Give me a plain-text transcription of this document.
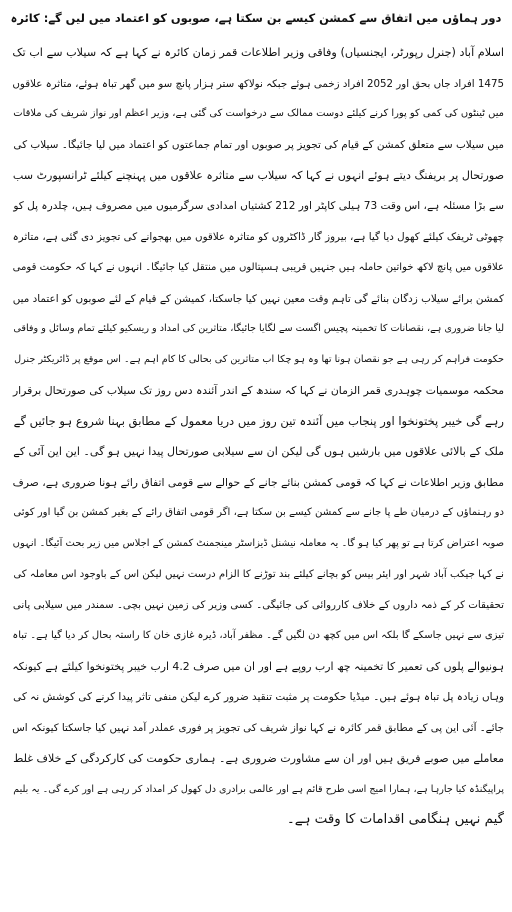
دور ہماؤں میں اتفاق سے کمشن کیسے بن سکتا ہے، صوبوں کو اعتماد میں لیں گے: کائرہ
اسلام آباد (جنرل رپورٹر، ایجنسیاں) وفاقی وزیر اطلاعات قمر زمان کائرہ نے کہا ہے کہ سیلاب سے اب تک
1475 افراد جاں بحق اور 2052 افراد زخمی ہوئے جبکہ نولاکھ ستر ہزار پانچ سو میں گھر تباہ ہوئے، متاثرہ علاقوں
میں ٹینٹوں کی کمی کو پورا کرنے کیلئے دوست ممالک سے درخواست کی گئی ہے، وزیر اعظم اور نواز شریف کی ملاقات
میں سیلاب سے متعلق کمشن کے قیام کی تجویز پر صوبوں اور تمام جماعتوں کو اعتماد میں لیا جائیگا۔ سیلاب کی
صورتحال پر بریفنگ دیتے ہوئے انہوں نے کہا کہ سیلاب سے متاثرہ علاقوں میں پہنچنے کیلئے ٹرانسپورٹ سب
سے بڑا مسئلہ ہے، اس وقت 73 ہیلی کاپٹر اور 212 کشتیاں امدادی سرگرمیوں میں مصروف ہیں، چلدرہ پل کو
چھوٹی ٹریفک کیلئے کھول دیا گیا ہے، بیروز گار ڈاکٹروں کو متاثرہ علاقوں میں بھجوانے کی تجویز دی گئی ہے، متاثرہ
علاقوں میں پانچ لاکھ خواتین حاملہ ہیں جنہیں قریبی ہسپتالوں میں منتقل کیا جائیگا۔ انہوں نے کہا کہ حکومت قومی
کمشن برائے سیلاب زدگان بنائے گی تاہم وقت معین نہیں کیا جاسکتا، کمیشن کے قیام کے لئے صوبوں کو اعتماد میں
لیا جانا ضروری ہے، نقصانات کا تخمینہ پچیس اگست سے لگایا جائیگا، متاثرین کی امداد و ریسکیو کیلئے تمام وسائل و وفاقی
حکومت فراہم کر رہی ہے جو نقصان ہونا تھا وہ ہو چکا اب متاثرین کی بحالی کا کام اہم ہے۔ اس موقع پر ڈائریکٹر جنرل
محکمہ موسمیات چوہدری قمر الزمان نے کہا کہ سندھ کے اندر آئندہ دس روز تک سیلاب کی صورتحال برقرار
رہے گی خیبر پختونخوا اور پنجاب میں آئندہ تین روز میں دریا معمول کے مطابق بہنا شروع ہو جائیں گے
ملک کے بالائی علاقوں میں بارشیں ہوں گی لیکن ان سے سیلابی صورتحال پیدا نہیں ہو گی۔ این این آئی کے
مطابق وزیر اطلاعات نے کہا کہ قومی کمشن بنائے جانے کے حوالے سے قومی اتفاق رائے ہونا ضروری ہے، صرف
دو رہنماؤں کے درمیان طے پا جانے سے کمشن کیسے بن سکتا ہے، اگر قومی اتفاق رائے کے بغیر کمشن بن گیا اور کوئی
صوبہ اعتراض کرتا ہے تو پھر کیا ہو گا۔ یہ معاملہ نیشنل ڈیزاسٹر مینجمنٹ کمشن کے اجلاس میں زیر بحث آئیگا۔ انہوں
نے کہا جیکب آباد شہر اور ایئر بیس کو بچانے کیلئے بند توڑنے کا الزام درست نہیں لیکن اس کے باوجود اس معاملہ کی
تحقیقات کر کے ذمہ داروں کے خلاف کارروائی کی جائیگی۔ کسی وزیر کی زمین نہیں بچی۔ سمندر میں سیلابی پانی
تیزی سے نہیں جاسکے گا بلکہ اس میں کچھ دن لگیں گے۔ مظفر آباد، ڈیرہ غازی خان کا راستہ بحال کر دیا گیا ہے۔ تباہ
ہونیوالے پلوں کی تعمیر کا تخمینہ چھ ارب روپے ہے اور ان میں صرف 4.2 ارب خیبر پختونخوا کیلئے ہے کیونکہ
وہاں زیادہ پل تباہ ہوئے ہیں۔ میڈیا حکومت پر مثبت تنقید ضرور کرے لیکن منفی تاثر پیدا کرنے کی کوشش نہ کی
جائے۔ آئی این پی کے مطابق قمر کائرہ نے کہا نواز شریف کی تجویز پر فوری عملدر آمد نہیں کیا جاسکتا کیونکہ اس
معاملے میں صوبے فریق ہیں اور ان سے مشاورت ضروری ہے۔ ہماری حکومت کی کارکردگی کے خلاف غلط
پراپیگنڈہ کیا جارہا ہے، ہمارا امیج اسی طرح قائم ہے اور عالمی برادری دل کھول کر امداد کر رہی ہے اور کرے گی۔ یہ بلیم
گیم نہیں ہنگامی اقدامات کا وقت ہے۔
